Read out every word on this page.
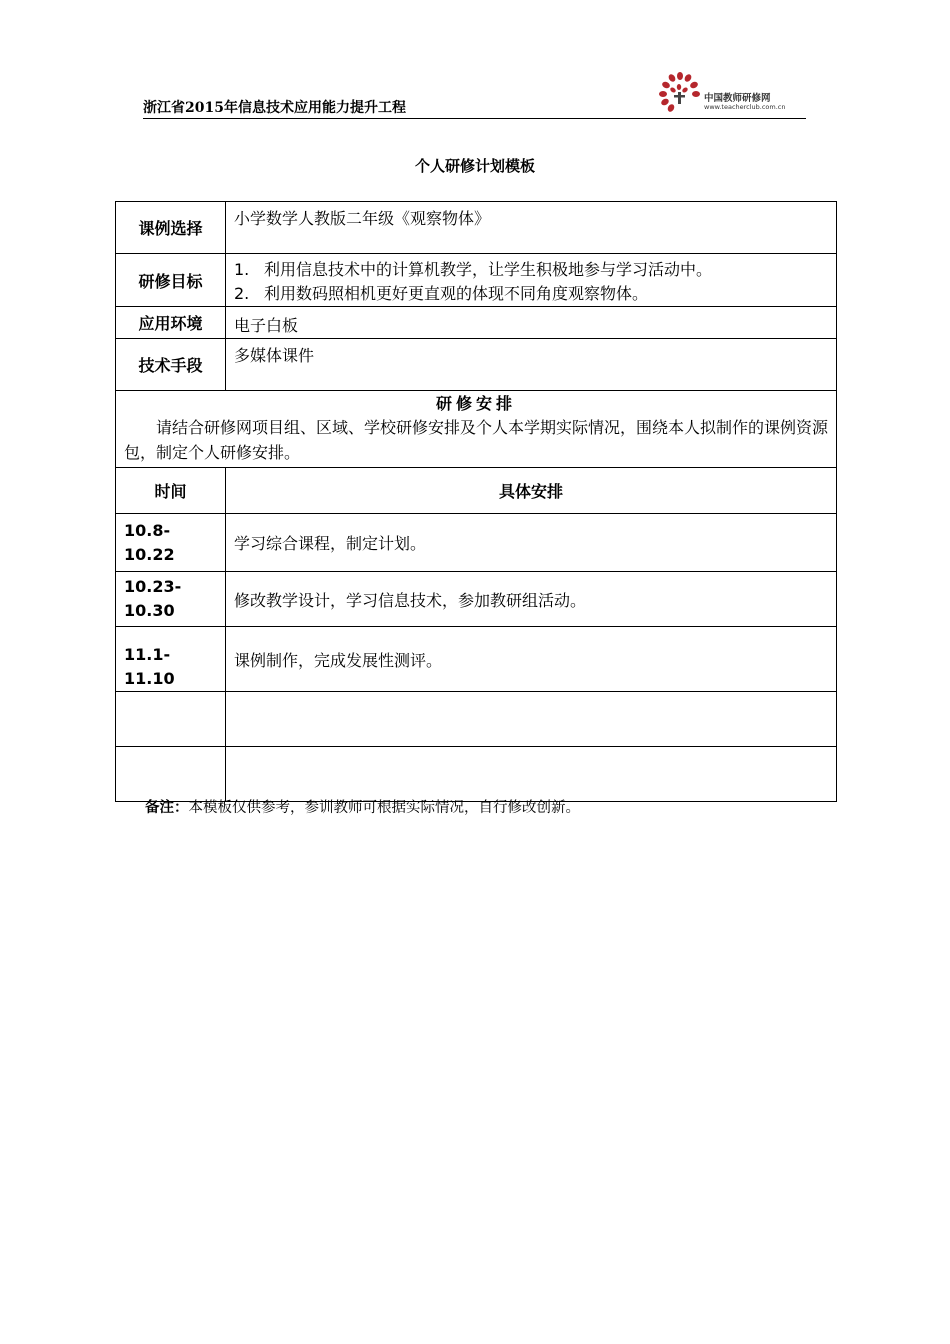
浙江省2015年信息技术应用能力提升工程
中国教师研修网
www.teacherclub.com.cn
个人研修计划模板
课例选择	小学数学人教版二年级《观察物体》
研修目标	1. 利用信息技术中的计算机教学，让学生积极地参与学习活动中。
2. 利用数码照相机更好更直观的体现不同角度观察物体。

应用环境	电子白板
技术手段	多媒体课件

研修安排
请结合研修网项目组、区域、学校研修安排及个人本学期实际情况，围绕本人拟制作的课例资源包，制定个人研修安排。	

时间	具体安排
10.8-10.22	学习综合课程，制定计划。
10.23-10.30	修改教学设计，学习信息技术，参加教研组活动。
11.1-11.10	课例制作，完成发展性测评。

备注：本模板仅供参考，参训教师可根据实际情况，自行修改创新。
